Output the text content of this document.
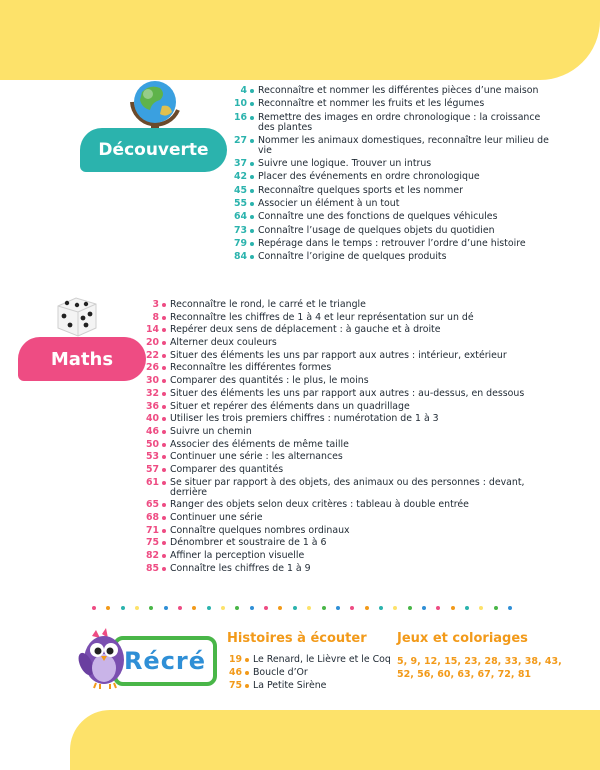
Découverte
4 Reconnaître et nommer les différentes pièces d’une maison
10 Reconnaître et nommer les fruits et les légumes
16 Remettre des images en ordre chronologique : la croissance des plantes
27 Nommer les animaux domestiques, reconnaître leur milieu de vie
37 Suivre une logique. Trouver un intrus
42 Placer des événements en ordre chronologique
45 Reconnaître quelques sports et les nommer
55 Associer un élément à un tout
64 Connaître une des fonctions de quelques véhicules
73 Connaître l’usage de quelques objets du quotidien
79 Repérage dans le temps : retrouver l’ordre d’une histoire
84 Connaître l’origine de quelques produits
Maths
3 Reconnaître le rond, le carré et le triangle
8 Reconnaître les chiffres de 1 à 4 et leur représentation sur un dé
14 Repérer deux sens de déplacement : à gauche et à droite
20 Alterner deux couleurs
22 Situer des éléments les uns par rapport aux autres : intérieur, extérieur
26 Reconnaître les différentes formes
30 Comparer des quantités : le plus, le moins
32 Situer des éléments les uns par rapport aux autres : au-dessus, en dessous
36 Situer et repérer des éléments dans un quadrillage
40 Utiliser les trois premiers chiffres : numérotation de 1 à 3
46 Suivre un chemin
50 Associer des éléments de même taille
53 Continuer une série : les alternances
57 Comparer des quantités
61 Se situer par rapport à des objets, des animaux ou des personnes : devant, derrière
65 Ranger des objets selon deux critères : tableau à double entrée
68 Continuer une série
71 Connaître quelques nombres ordinaux
75 Dénombrer et soustraire de 1 à 6
82 Affiner la perception visuelle
85 Connaître les chiffres de 1 à 9
Récré
Histoires à écouter
19 Le Renard, le Lièvre et le Coq
46 Boucle d’Or
75 La Petite Sirène
Jeux et coloriages
5, 9, 12, 15, 23, 28, 33, 38, 43, 52, 56, 60, 63, 67, 72, 81
